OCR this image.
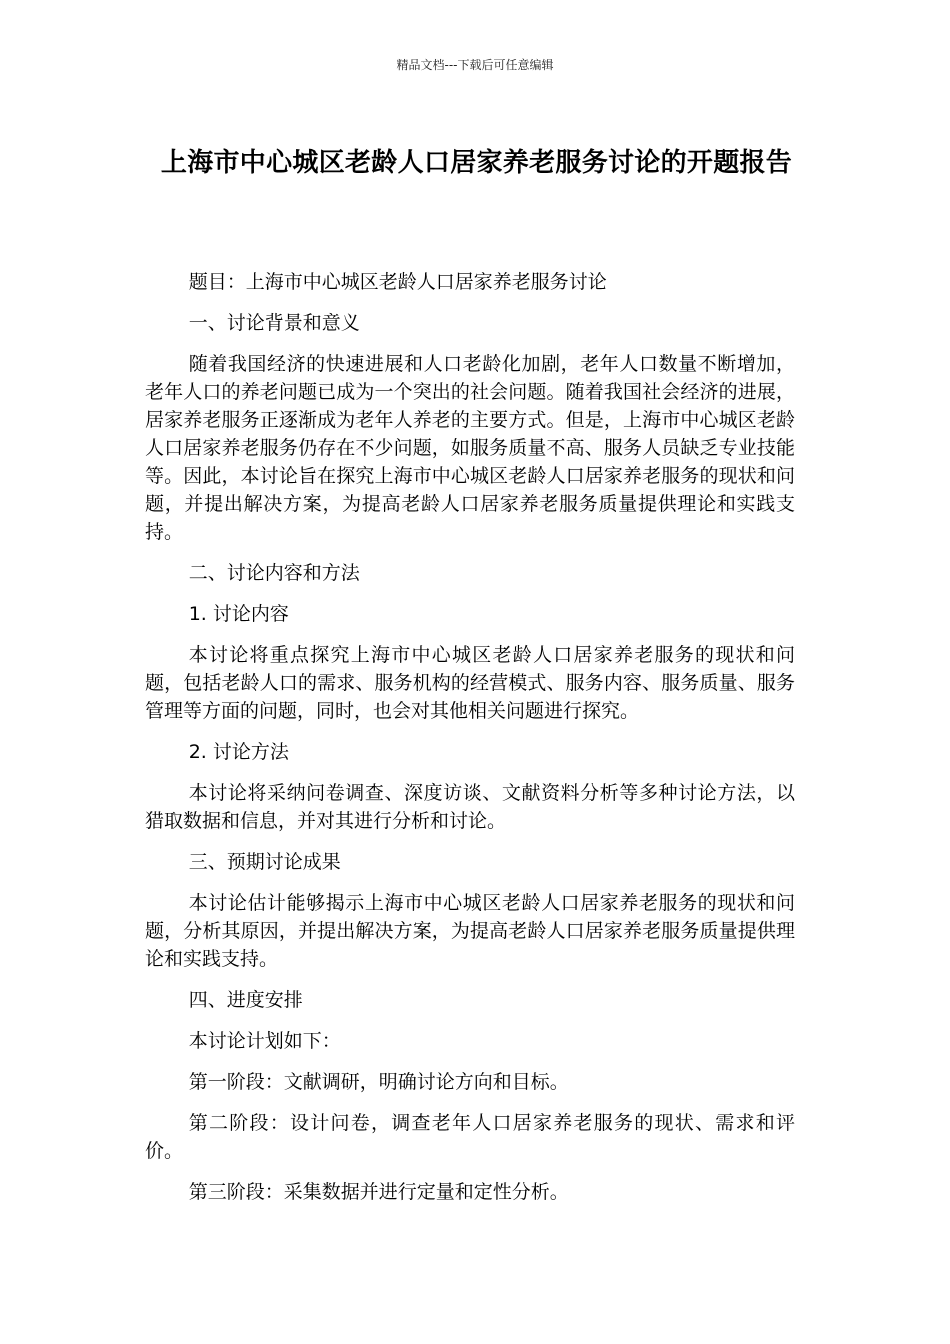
精品文档---下载后可任意编辑
上海市中心城区老龄人口居家养老服务讨论的开题报告

题目：上海市中心城区老龄人口居家养老服务讨论

一、讨论背景和意义

随着我国经济的快速进展和人口老龄化加剧，老年人口数量不断增加，老年人口的养老问题已成为一个突出的社会问题。随着我国社会经济的进展，居家养老服务正逐渐成为老年人养老的主要方式。但是，上海市中心城区老龄人口居家养老服务仍存在不少问题，如服务质量不高、服务人员缺乏专业技能等。因此，本讨论旨在探究上海市中心城区老龄人口居家养老服务的现状和问题，并提出解决方案，为提高老龄人口居家养老服务质量提供理论和实践支持。

二、讨论内容和方法

1. 讨论内容

本讨论将重点探究上海市中心城区老龄人口居家养老服务的现状和问题，包括老龄人口的需求、服务机构的经营模式、服务内容、服务质量、服务管理等方面的问题，同时，也会对其他相关问题进行探究。

2. 讨论方法

本讨论将采纳问卷调查、深度访谈、文献资料分析等多种讨论方法，以猎取数据和信息，并对其进行分析和讨论。

三、预期讨论成果

本讨论估计能够揭示上海市中心城区老龄人口居家养老服务的现状和问题，分析其原因，并提出解决方案，为提高老龄人口居家养老服务质量提供理论和实践支持。

四、进度安排

本讨论计划如下：

第一阶段：文献调研，明确讨论方向和目标。

第二阶段：设计问卷，调查老年人口居家养老服务的现状、需求和评价。

第三阶段：采集数据并进行定量和定性分析。
